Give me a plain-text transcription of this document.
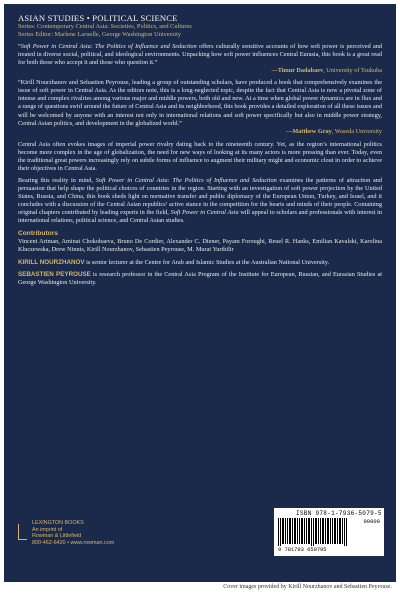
ASIAN STUDIES • POLITICAL SCIENCE
Series: Contemporary Central Asia: Societies, Politics, and Cultures
Series Editor: Marlene Laruelle, George Washington University

“Soft Power in Central Asia: The Politics of Influence and Seduction offers culturally sensitive accounts of how soft power is perceived and treated in diverse social, political, and ideological environments. Unpacking how soft power influences Central Eurasia, this book is a great read for both those who accept it and those who question it.”

—Timur Dadabaev, University of Tsukuba

“Kirill Nourzhanov and Sebastien Peyrouse, leading a group of outstanding scholars, have produced a book that comprehensively examines the issue of soft power in Central Asia. As the editors note, this is a long-neglected topic, despite the fact that Central Asia is now a pivotal zone of intense and complex rivalries among various major and middle powers, both old and new. At a time when global power dynamics are in flux and a range of questions swirl around the future of Central Asia and its neighborhood, this book provides a detailed exploration of all these issues and will be welcomed by anyone with an interest not only in international relations and soft power specifically but also in middle power strategy, Central Asian politics, and development in the globalized world.”

—Matthew Gray, Waseda University

Central Asia often evokes images of imperial power rivalry dating back to the nineteenth century. Yet, as the region’s international politics become more complex in the age of globalization, the need for new ways of looking at its many actors is more pressing than ever. Today, even the traditional great powers increasingly rely on subtle forms of influence to augment their military might and economic clout in order to achieve their objectives in Central Asia.

Bearing this reality in mind, Soft Power in Central Asia: The Politics of Influence and Seduction examines the patterns of attraction and persuasion that help shape the political choices of countries in the region. Starting with an investigation of soft power projection by the United States, Russia, and China, this book sheds light on normative transfer and public diplomacy of the European Union, Turkey, and Israel, and it concludes with a discussion of the Central Asian republics’ active stance in the competition for the hearts and minds of their people. Containing original chapters contributed by leading experts in the field, Soft Power in Central Asia will appeal to scholars and professionals with interest in international relations, political science, and Central Asian studies.

Contributors

Vincent Artman, Aminat Chokobaeva, Bruno De Cordier, Alexander C. Diener, Payam Foroughi, Reuel R. Hanks, Emilian Kavalski, Karolina Kluczewska, Drew Ninnis, Kirill Nourzhanov, Sebastien Peyrouse, M. Murat Yurtbilir

KIRILL NOURZHANOV is senior lecturer at the Centre for Arab and Islamic Studies at the Australian National University.

SEBASTIEN PEYROUSE is research professor in the Central Asia Program of the Institute for European, Russian, and Eurasian Studies at George Washington University.

LEXINGTON BOOKS
An imprint of
Rowman & Littlefield
800-462-6420 • www.rowman.com
ISBN 978-1-7936-5079-5
90000
9 781793 650795
Cover images provided by Kirill Nourzhanov and Sebastien Peyrouse.
